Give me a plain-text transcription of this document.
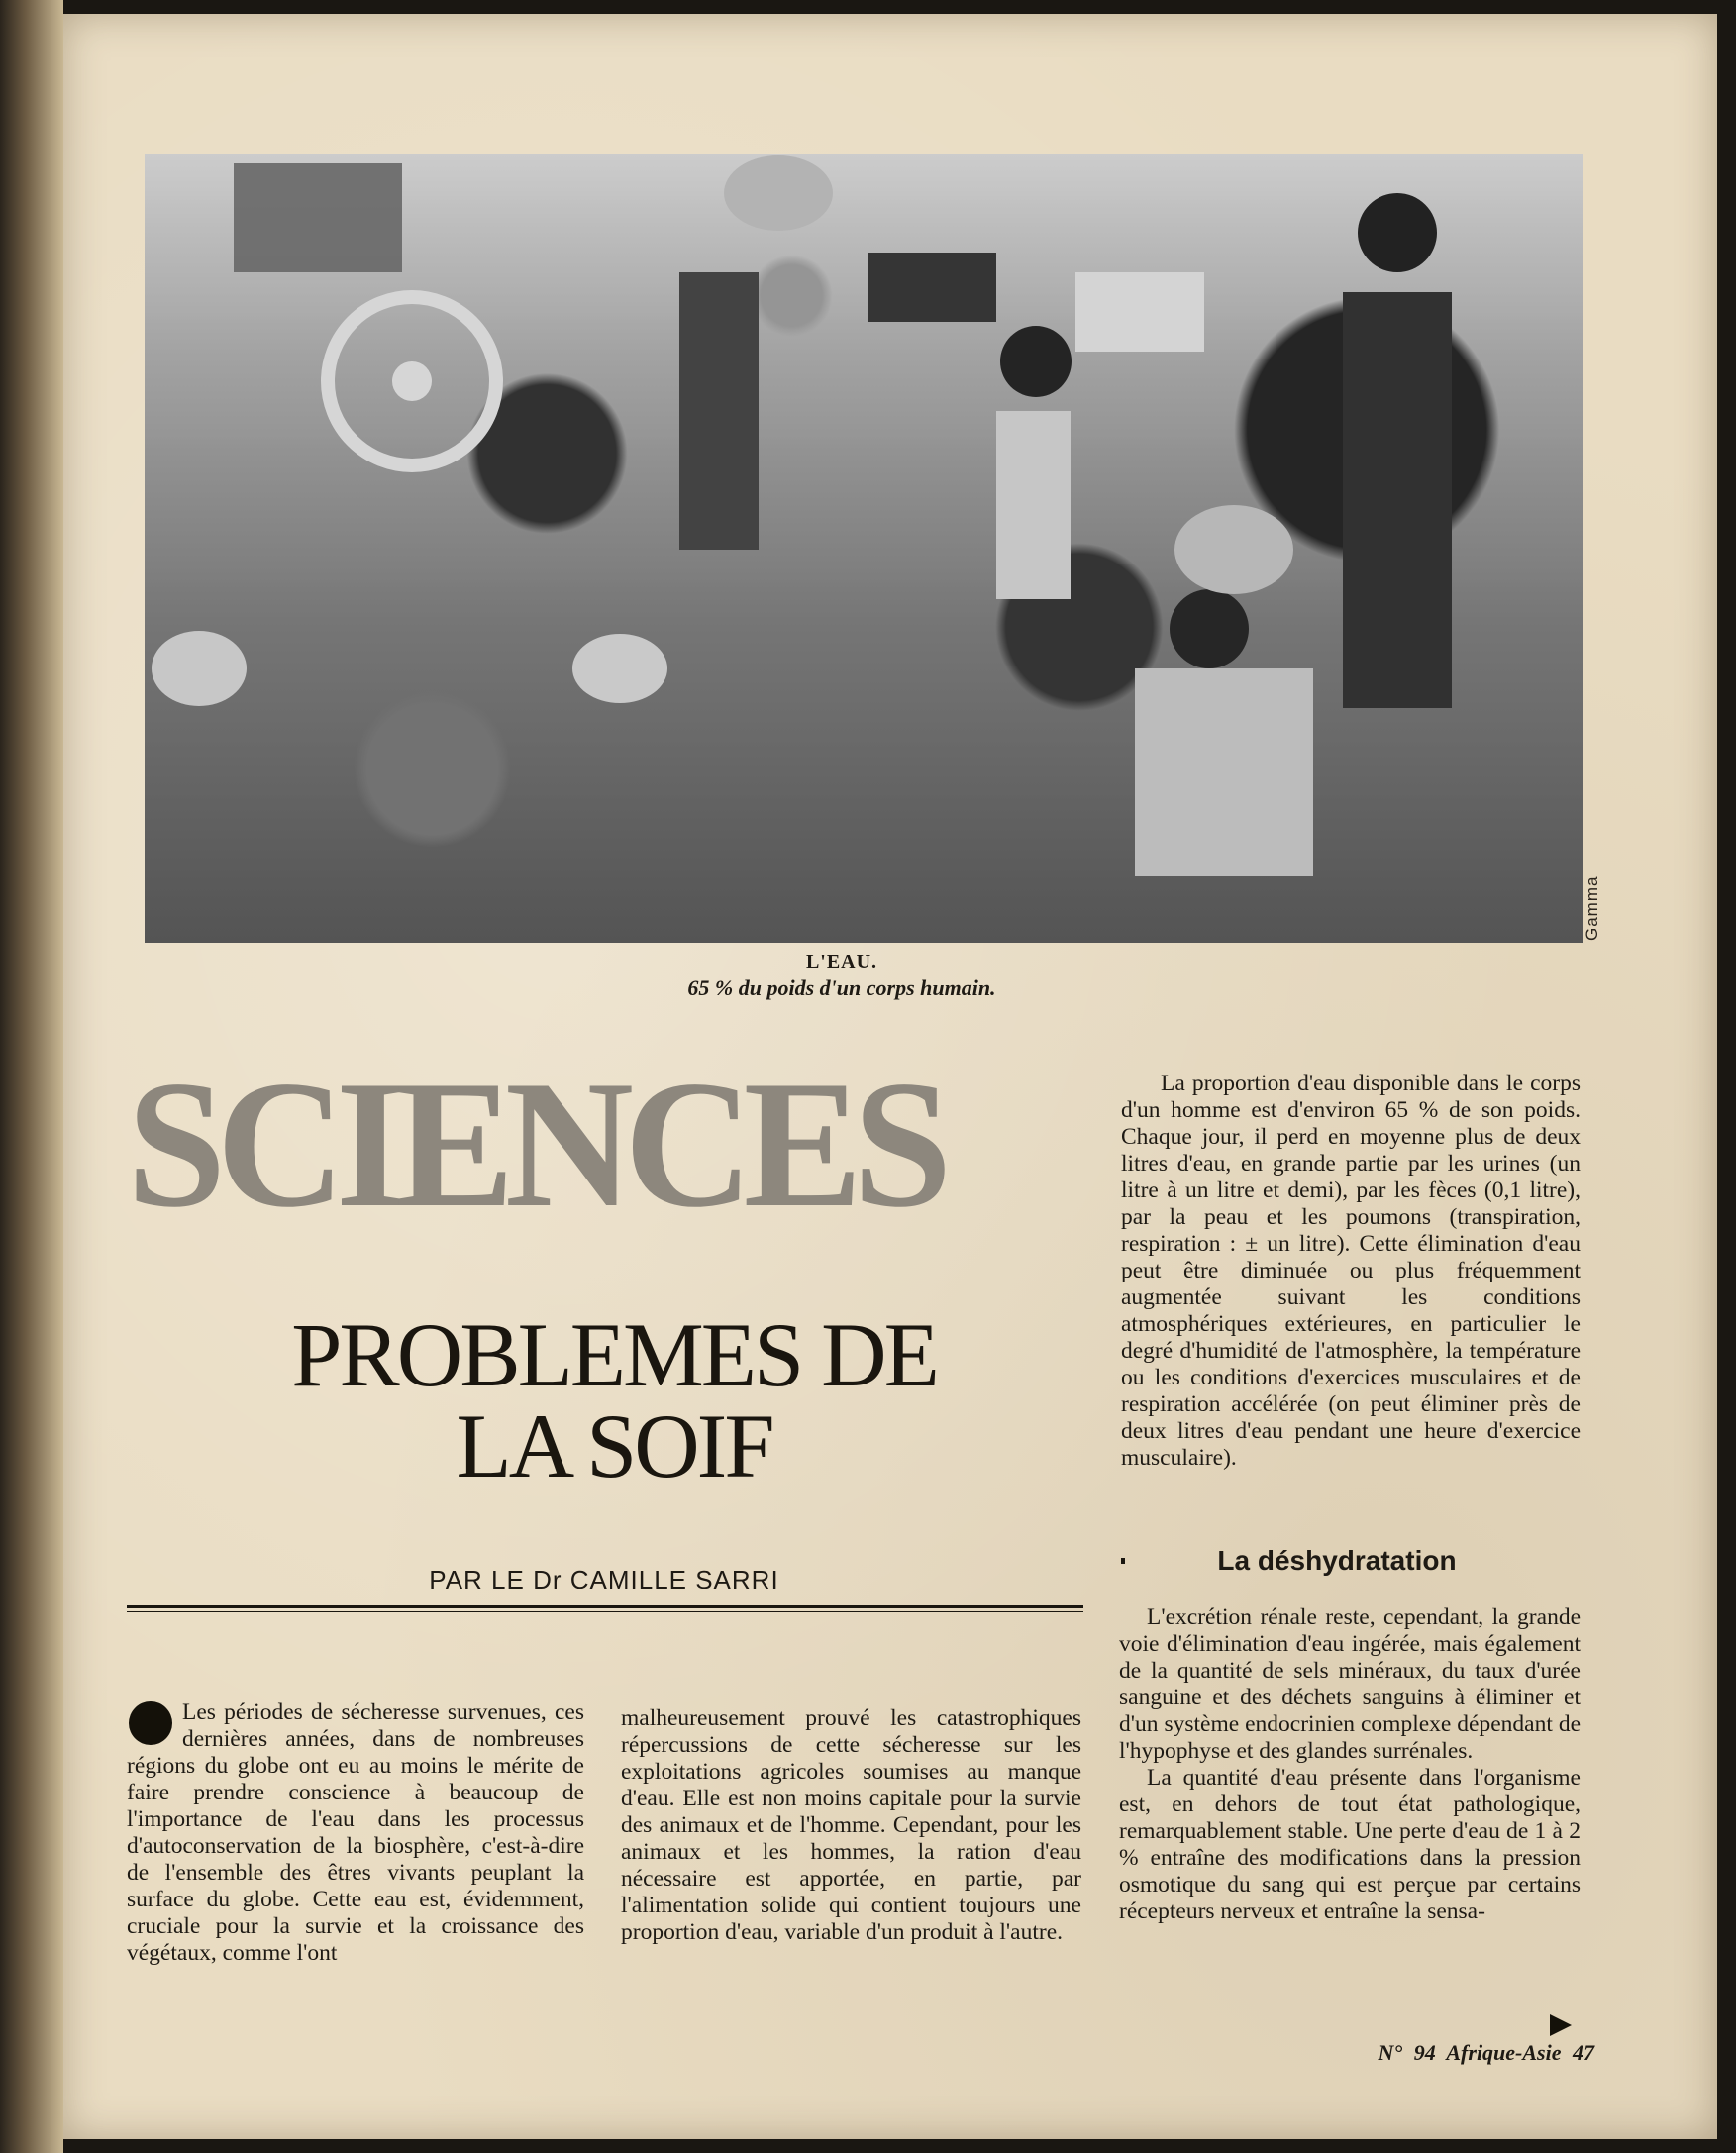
Gamma
L'EAU.
65 % du poids d'un corps humain.
SCIENCES
PROBLEMES DE
LA SOIF
PAR LE Dr CAMILLE SARRI

Les périodes de sécheresse survenues, ces dernières années, dans de nombreuses régions du globe ont eu au moins le mérite de faire prendre conscience à beaucoup de l'importance de l'eau dans les processus d'autoconservation de la biosphère, c'est-à-dire de l'ensemble des êtres vivants peuplant la surface du globe. Cette eau est, évidemment, cruciale pour la survie et la croissance des végétaux, comme l'ont

malheureusement prouvé les catastrophiques répercussions de cette sécheresse sur les exploitations agricoles soumises au manque d'eau. Elle est non moins capitale pour la survie des animaux et de l'homme. Cependant, pour les animaux et les hommes, la ration d'eau nécessaire est apportée, en partie, par l'alimentation solide qui contient toujours une proportion d'eau, variable d'un produit à l'autre.

La proportion d'eau disponible dans le corps d'un homme est d'environ 65 % de son poids. Chaque jour, il perd en moyenne plus de deux litres d'eau, en grande partie par les urines (un litre à un litre et demi), par les fèces (0,1 litre), par la peau et les poumons (transpiration, respiration : ± un litre). Cette élimination d'eau peut être diminuée ou plus fréquemment augmentée suivant les conditions atmosphériques extérieures, en particulier le degré d'humidité de l'atmosphère, la température ou les conditions d'exercices musculaires et de respiration accélérée (on peut éliminer près de deux litres d'eau pendant une heure d'exercice musculaire).

La déshydratation

L'excrétion rénale reste, cependant, la grande voie d'élimination d'eau ingérée, mais également de la quantité de sels minéraux, du taux d'urée sanguine et des déchets sanguins à éliminer et d'un système endocrinien complexe dépendant de l'hypophyse et des glandes surrénales.

La quantité d'eau présente dans l'organisme est, en dehors de tout état pathologique, remarquablement stable. Une perte d'eau de 1 à 2 % entraîne des modifications dans la pression osmotique du sang qui est perçue par certains récepteurs nerveux et entraîne la sensa-

N° 94 Afrique-Asie 47
